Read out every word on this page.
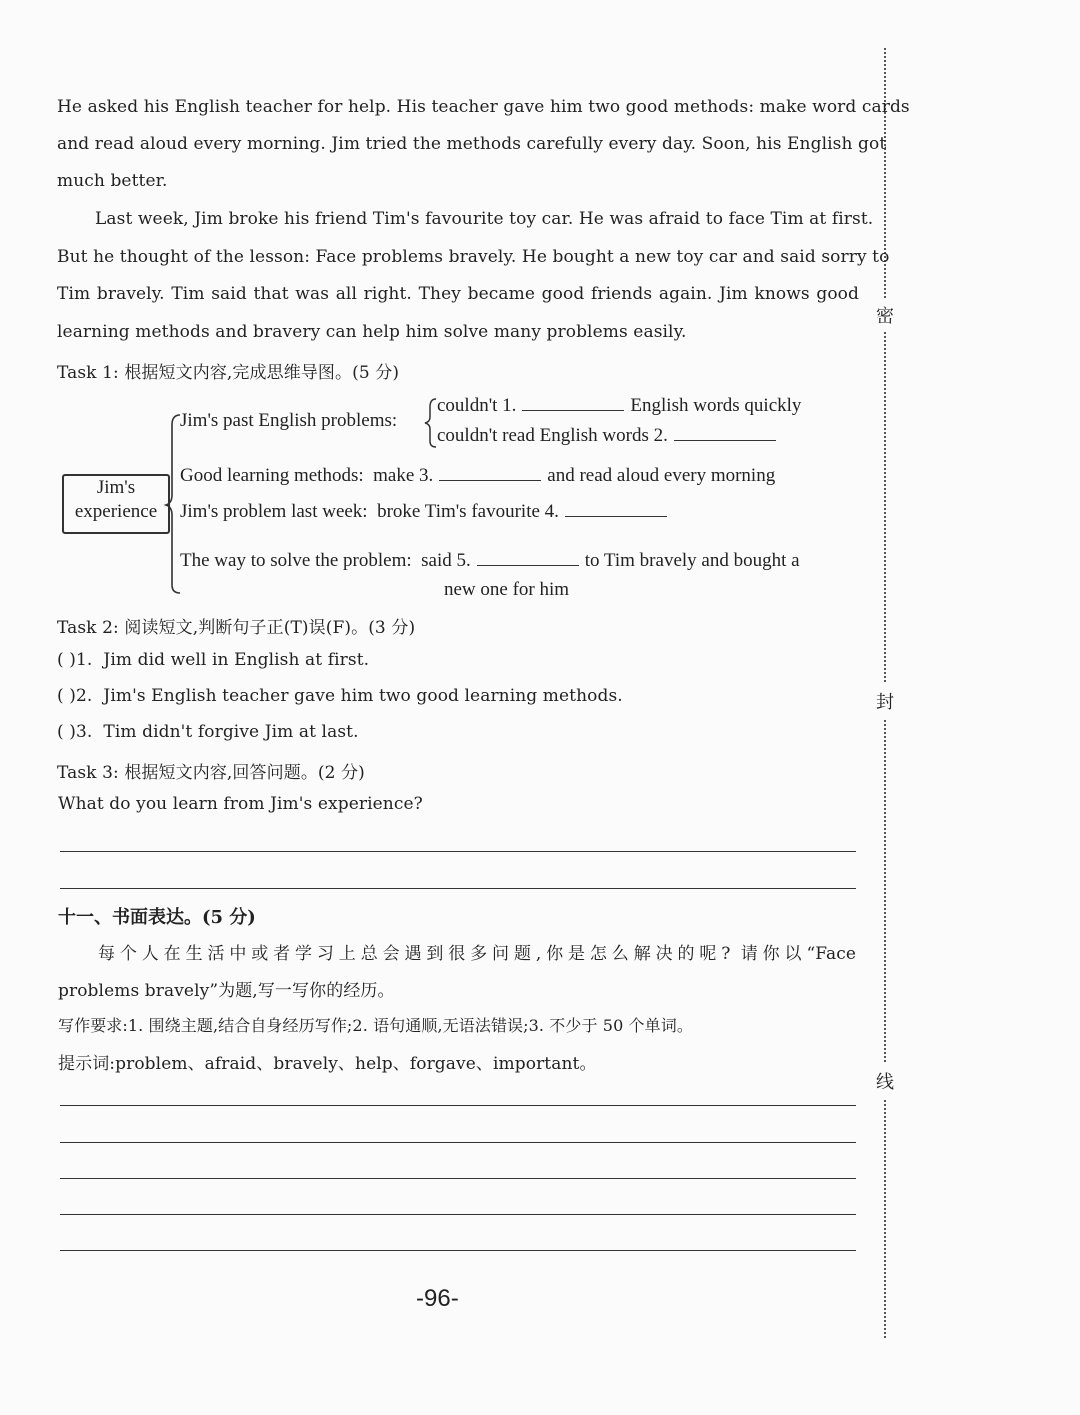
密
封
线
He asked his English teacher for help. His teacher gave him two good methods: make word cards
and read aloud every morning. Jim tried the methods carefully every day. Soon, his English got
much better.
Last week, Jim broke his friend Tim's favourite toy car. He was afraid to face Tim at first.
But he thought of the lesson: Face problems bravely. He bought a new toy car and said sorry to
Tim bravely. Tim said that was all right. They became good friends again. Jim knows good
learning methods and bravery can help him solve many problems easily.
Task 1: 根据短文内容,完成思维导图。(5 分)
Jim's
experience
Jim's past English problems:
couldn't 1.	English words quickly
couldn't read English words 2.
Good learning methods: make 3.	and read aloud every morning
Jim's problem last week: broke Tim's favourite 4.
The way to solve the problem: said 5.	to Tim bravely and bought a
new one for him
Task 2: 阅读短文,判断句子正(T)误(F)。(3 分)
( )1. Jim did well in English at first.
( )2. Jim's English teacher gave him two good learning methods.
( )3. Tim didn't forgive Jim at last.
Task 3: 根据短文内容,回答问题。(2 分)
What do you learn from Jim's experience?
十一、书面表达。(5 分)
每个人在生活中或者学习上总会遇到很多问题,你是怎么解决的呢? 请你以“Face
problems bravely”为题,写一写你的经历。
写作要求:1. 围绕主题,结合自身经历写作;2. 语句通顺,无语法错误;3. 不少于 50 个单词。
提示词:problem、afraid、bravely、help、forgave、important。
-96-
